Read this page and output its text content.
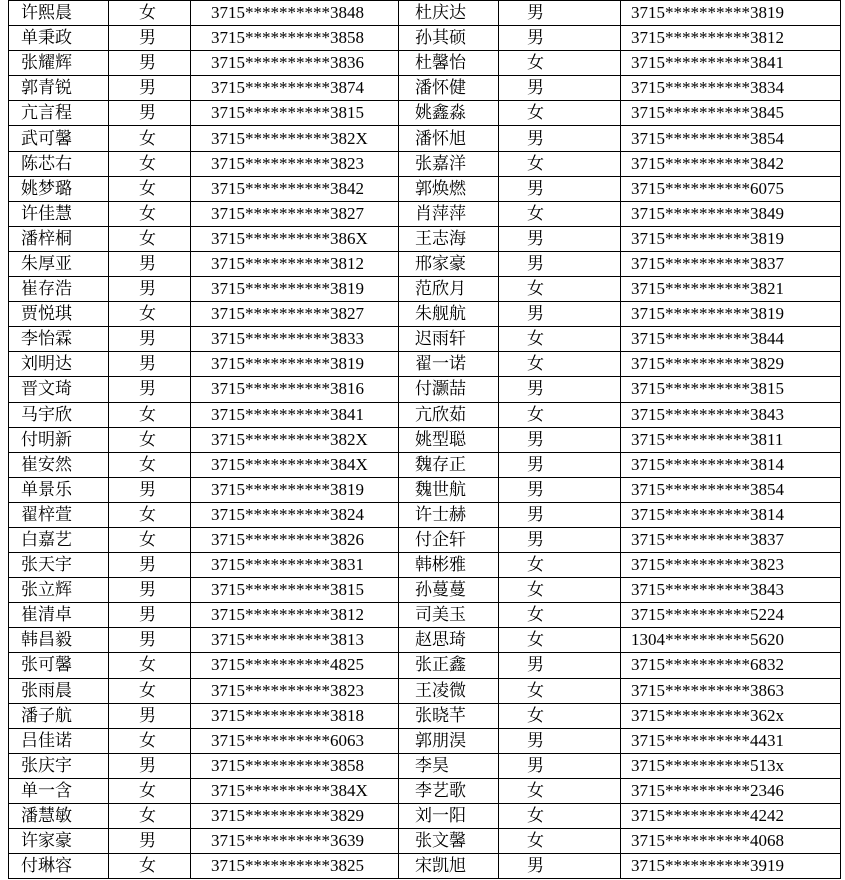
许熙晨	女	3715**********3848	杜庆达	男	3715**********3819
单秉政	男	3715**********3858	孙其硕	男	3715**********3812
张耀辉	男	3715**********3836	杜馨怡	女	3715**********3841
郭青锐	男	3715**********3874	潘怀健	男	3715**********3834
亢言程	男	3715**********3815	姚鑫淼	女	3715**********3845
武可馨	女	3715**********382X	潘怀旭	男	3715**********3854
陈芯右	女	3715**********3823	张嘉洋	女	3715**********3842
姚梦璐	女	3715**********3842	郭焕燃	男	3715**********6075
许佳慧	女	3715**********3827	肖萍萍	女	3715**********3849
潘梓桐	女	3715**********386X	王志海	男	3715**********3819
朱厚亚	男	3715**********3812	邢家豪	男	3715**********3837
崔存浩	男	3715**********3819	范欣月	女	3715**********3821
贾悦琪	女	3715**********3827	朱舰航	男	3715**********3819
李怡霖	男	3715**********3833	迟雨轩	女	3715**********3844
刘明达	男	3715**********3819	翟一诺	女	3715**********3829
晋文琦	男	3715**********3816	付灏喆	男	3715**********3815
马宇欣	女	3715**********3841	亢欣茹	女	3715**********3843
付明新	女	3715**********382X	姚型聪	男	3715**********3811
崔安然	女	3715**********384X	魏存正	男	3715**********3814
单景乐	男	3715**********3819	魏世航	男	3715**********3854
翟梓萱	女	3715**********3824	许士赫	男	3715**********3814
白嘉艺	女	3715**********3826	付企轩	男	3715**********3837
张天宇	男	3715**********3831	韩彬雅	女	3715**********3823
张立辉	男	3715**********3815	孙蔓蔓	女	3715**********3843
崔清卓	男	3715**********3812	司美玉	女	3715**********5224
韩昌毅	男	3715**********3813	赵思琦	女	1304**********5620
张可馨	女	3715**********4825	张正鑫	男	3715**********6832
张雨晨	女	3715**********3823	王凌微	女	3715**********3863
潘子航	男	3715**********3818	张晓芊	女	3715**********362x
吕佳诺	女	3715**********6063	郭朋淏	男	3715**********4431
张庆宇	男	3715**********3858	李昊	男	3715**********513x
单一含	女	3715**********384X	李艺歌	女	3715**********2346
潘慧敏	女	3715**********3829	刘一阳	女	3715**********4242
许家豪	男	3715**********3639	张文馨	女	3715**********4068
付琳容	女	3715**********3825	宋凯旭	男	3715**********3919
